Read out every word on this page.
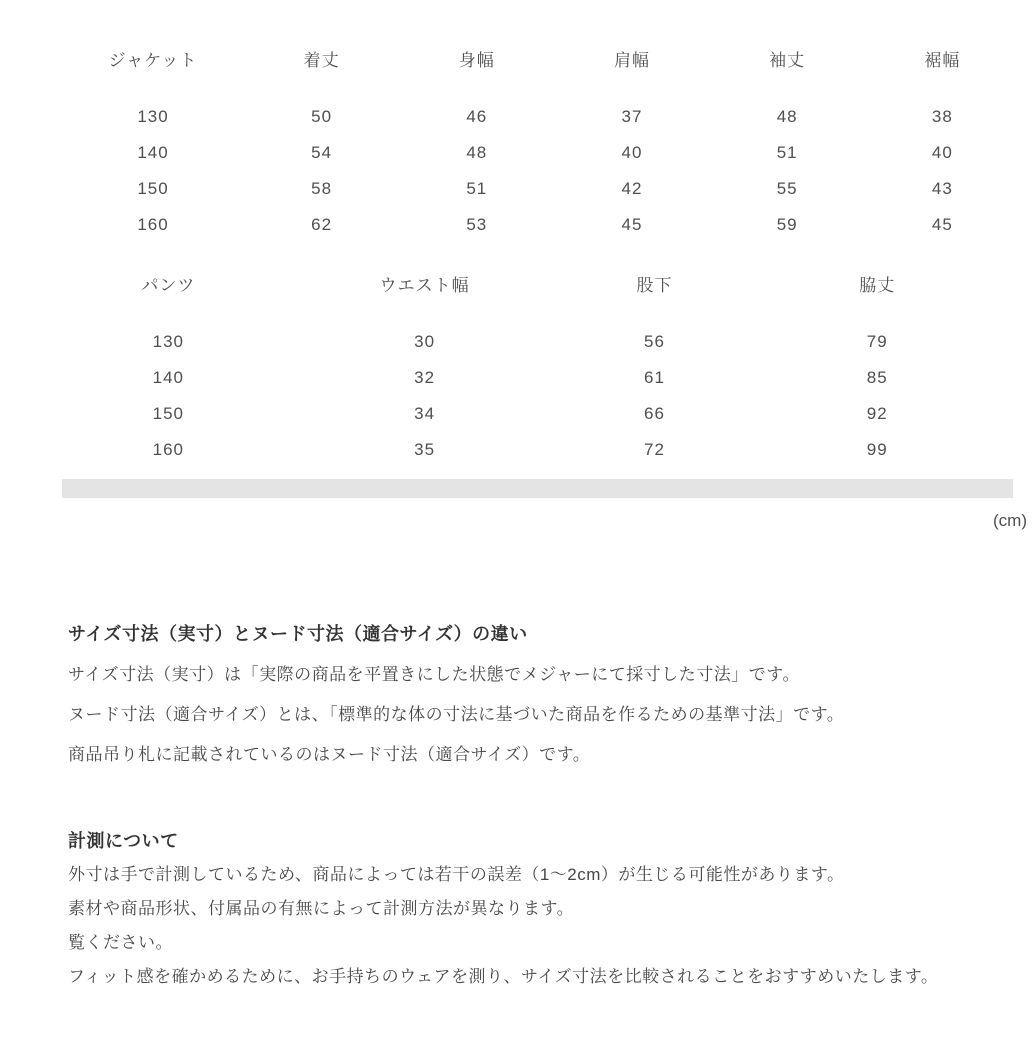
ジャケット	着丈	身幅	肩幅	袖丈	裾幅
130	50	46	37	48	38
140	54	48	40	51	40
150	58	51	42	55	43
160	62	53	45	59	45
パンツ	ウエスト幅	股下	脇丈
130	30	56	79
140	32	61	85
150	34	66	92
160	35	72	99
(cm)
サイズ寸法（実寸）とヌード寸法（適合サイズ）の違い

サイズ寸法（実寸）は「実際の商品を平置きにした状態でメジャーにて採寸した寸法」です。

ヌード寸法（適合サイズ）とは、「標準的な体の寸法に基づいた商品を作るための基準寸法」です。

商品吊り札に記載されているのはヌード寸法（適合サイズ）です。

計測について

外寸は手で計測しているため、商品によっては若干の誤差（1〜2cm）が生じる可能性があります。

素材や商品形状、付属品の有無によって計測方法が異なります。

覧ください。

フィット感を確かめるために、お手持ちのウェアを測り、サイズ寸法を比較されることをおすすめいたします。
